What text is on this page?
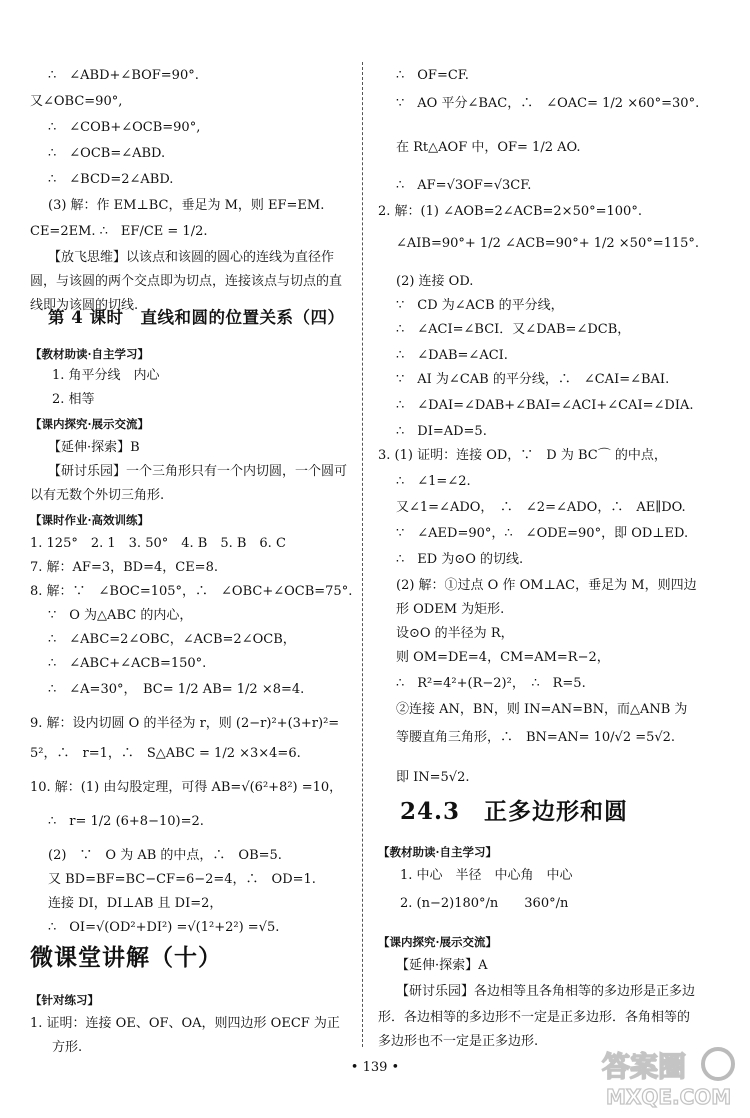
∴　∠ABD+∠BOF=90°.
又∠OBC=90°,
∴　∠COB+∠OCB=90°,
∴　∠OCB=∠ABD.
∴　∠BCD=2∠ABD.
(3) 解：作 EM⊥BC，垂足为 M，则 EF=EM.
CE=2EM. ∴　EF/CE = 1/2.
【放飞思维】以该点和该圆的圆心的连线为直径作
圆，与该圆的两个交点即为切点，连接该点与切点的直
线即为该圆的切线.
第 4 课时　直线和圆的位置关系（四）
【教材助读·自主学习】
1. 角平分线　内心
2. 相等
【课内探究·展示交流】
【延伸·探索】B
【研讨乐园】一个三角形只有一个内切圆，一个圆可
以有无数个外切三角形.
【课时作业·高效训练】
1. 125°　2. 1　3. 50°　4. B　5. B　6. C
7. 解：AF=3，BD=4，CE=8.
8. 解：∵　∠BOC=105°，∴　∠OBC+∠OCB=75°.
∵　O 为△ABC 的内心，
∴　∠ABC=2∠OBC，∠ACB=2∠OCB，
∴　∠ABC+∠ACB=150°.
∴　∠A=30°，　BC= 1/2 AB= 1/2 ×8=4.
9. 解：设内切圆 O 的半径为 r，则 (2−r)²+(3+r)²=
5²，∴　r=1，∴　S△ABC = 1/2 ×3×4=6.
10. 解：(1) 由勾股定理，可得 AB=√(6²+8²) =10，
∴　r= 1/2 (6+8−10)=2.
(2)　∵　O 为 AB 的中点，∴　OB=5.
又 BD=BF=BC−CF=6−2=4，∴　OD=1.
连接 DI，DI⊥AB 且 DI=2，
∴　OI=√(OD²+DI²) =√(1²+2²) =√5.
微课堂讲解（十）
【针对练习】
1. 证明：连接 OE、OF、OA，则四边形 OECF 为正
方形.
∴　OF=CF.
∵　AO 平分∠BAC，∴　∠OAC= 1/2 ×60°=30°.
在 Rt△AOF 中，OF= 1/2 AO.
∴　AF=√3OF=√3CF.
2. 解：(1) ∠AOB=2∠ACB=2×50°=100°.
∠AIB=90°+ 1/2 ∠ACB=90°+ 1/2 ×50°=115°.
(2) 连接 OD.
∵　CD 为∠ACB 的平分线，
∴　∠ACI=∠BCI．又∠DAB=∠DCB，
∴　∠DAB=∠ACI.
∵　AI 为∠CAB 的平分线，∴　∠CAI=∠BAI.
∴　∠DAI=∠DAB+∠BAI=∠ACI+∠CAI=∠DIA.
∴　DI=AD=5.
3. (1) 证明：连接 OD，∵　D 为 BC⌒ 的中点，
∴　∠1=∠2.
又∠1=∠ADO，　∴　∠2=∠ADO，∴　AE∥DO.
∵　∠AED=90°，∴　∠ODE=90°，即 OD⊥ED.
∴　ED 为⊙O 的切线.
(2) 解：①过点 O 作 OM⊥AC，垂足为 M，则四边
形 ODEM 为矩形.
设⊙O 的半径为 R，
则 OM=DE=4，CM=AM=R−2，
∴　R²=4²+(R−2)²，　∴　R=5.
②连接 AN，BN，则 IN=AN=BN，而△ANB 为
等腰直角三角形，∴　BN=AN= 10/√2 =5√2.
即 IN=5√2.
24.3　正多边形和圆
【教材助读·自主学习】
1. 中心　半径　中心角　中心
2. (n−2)180°/n　　360°/n
【课内探究·展示交流】
【延伸·探索】A
【研讨乐园】各边相等且各角相等的多边形是正多边
形．各边相等的多边形不一定是正多边形．各角相等的
多边形也不一定是正多边形.
• 139 •	答案圈
MXQE.COM
